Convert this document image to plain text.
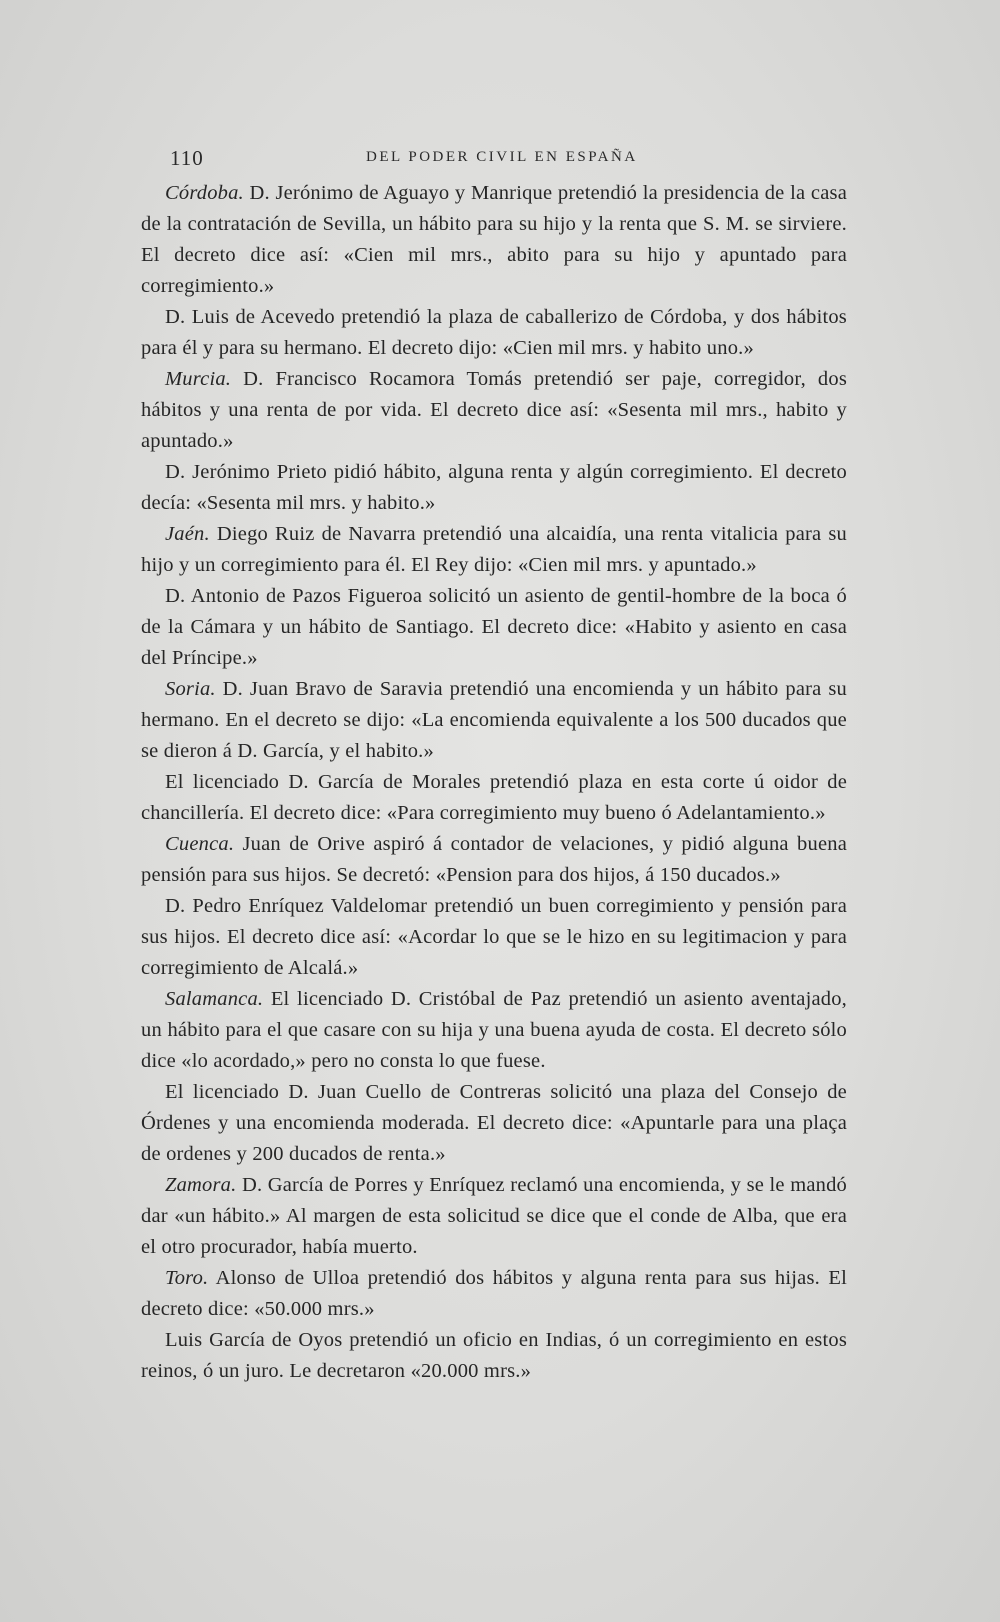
110	DEL PODER CIVIL EN ESPAÑA

Córdoba. D. Jerónimo de Aguayo y Manrique pretendió la presidencia de la casa de la contratación de Sevilla, un hábito para su hijo y la renta que S. M. se sirviere. El decreto dice así: «Cien mil mrs., abito para su hijo y apuntado para corregimiento.»

D. Luis de Acevedo pretendió la plaza de caballerizo de Córdoba, y dos hábitos para él y para su hermano. El decreto dijo: «Cien mil mrs. y habito uno.»

Murcia. D. Francisco Rocamora Tomás pretendió ser paje, corregidor, dos hábitos y una renta de por vida. El decreto dice así: «Sesenta mil mrs., habito y apuntado.»

D. Jerónimo Prieto pidió hábito, alguna renta y algún corregimiento. El decreto decía: «Sesenta mil mrs. y habito.»

Jaén. Diego Ruiz de Navarra pretendió una alcaidía, una renta vitalicia para su hijo y un corregimiento para él. El Rey dijo: «Cien mil mrs. y apuntado.»

D. Antonio de Pazos Figueroa solicitó un asiento de gentil-hombre de la boca ó de la Cámara y un hábito de Santiago. El decreto dice: «Habito y asiento en casa del Príncipe.»

Soria. D. Juan Bravo de Saravia pretendió una encomienda y un hábito para su hermano. En el decreto se dijo: «La encomienda equivalente a los 500 ducados que se dieron á D. García, y el habito.»

El licenciado D. García de Morales pretendió plaza en esta corte ú oidor de chancillería. El decreto dice: «Para corregimiento muy bueno ó Adelantamiento.»

Cuenca. Juan de Orive aspiró á contador de velaciones, y pidió alguna buena pensión para sus hijos. Se decretó: «Pension para dos hijos, á 150 ducados.»

D. Pedro Enríquez Valdelomar pretendió un buen corregimiento y pensión para sus hijos. El decreto dice así: «Acordar lo que se le hizo en su legitimacion y para corregimiento de Alcalá.»

Salamanca. El licenciado D. Cristóbal de Paz pretendió un asiento aventajado, un hábito para el que casare con su hija y una buena ayuda de costa. El decreto sólo dice «lo acordado,» pero no consta lo que fuese.

El licenciado D. Juan Cuello de Contreras solicitó una plaza del Consejo de Órdenes y una encomienda moderada. El decreto dice: «Apuntarle para una plaça de ordenes y 200 ducados de renta.»

Zamora. D. García de Porres y Enríquez reclamó una encomienda, y se le mandó dar «un hábito.» Al margen de esta solicitud se dice que el conde de Alba, que era el otro procurador, había muerto.

Toro. Alonso de Ulloa pretendió dos hábitos y alguna renta para sus hijas. El decreto dice: «50.000 mrs.»

Luis García de Oyos pretendió un oficio en Indias, ó un corregimiento en estos reinos, ó un juro. Le decretaron «20.000 mrs.»
